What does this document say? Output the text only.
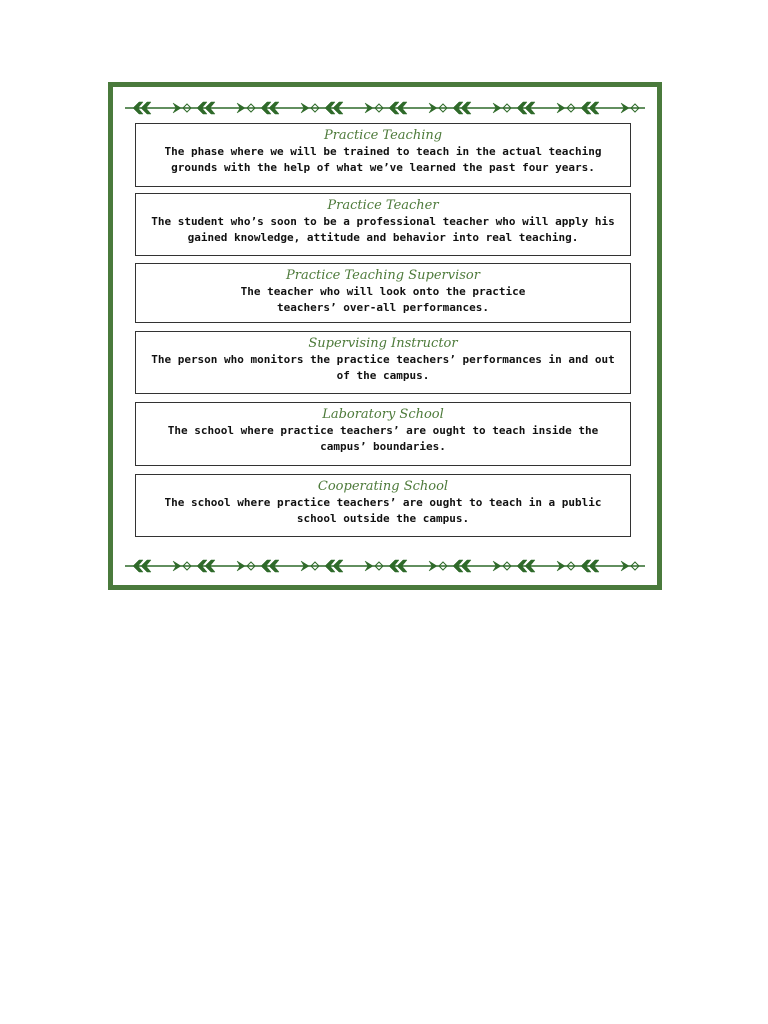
Practice Teaching

The phase where we will be trained to teach in the actual teaching grounds with the help of what we’ve learned the past four years.

Practice Teacher

The student who’s soon to be a professional teacher who will apply his gained knowledge, attitude and behavior into real teaching.

Practice Teaching Supervisor

The teacher who will look onto the practice teachers’ over-all performances.

Supervising Instructor

The person who monitors the practice teachers’ performances in and out of the campus.

Laboratory School

The school where practice teachers’ are ought to teach inside the campus’ boundaries.

Cooperating School

The school where practice teachers’ are ought to teach in a public school outside the campus.
